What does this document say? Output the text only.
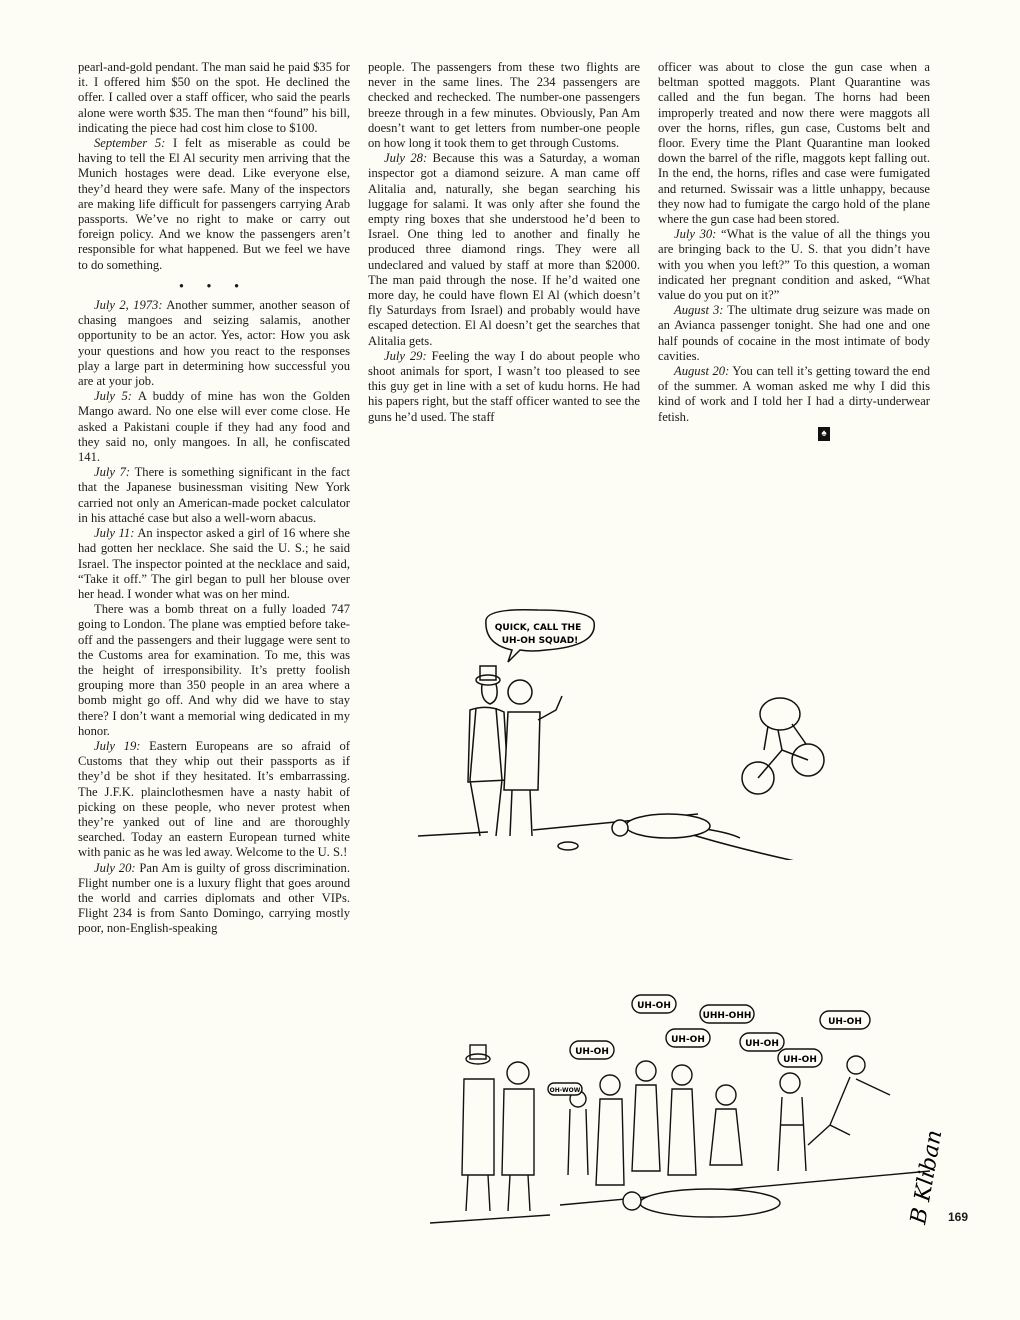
pearl-and-gold pendant. The man said he paid $35 for it. I offered him $50 on the spot. He declined the offer. I called over a staff officer, who said the pearls alone were worth $35. The man then “found” his bill, indicating the piece had cost him close to $100.

September 5: I felt as miserable as could be having to tell the El Al security men arriving that the Munich hostages were dead. Like everyone else, they’d heard they were safe. Many of the inspectors are making life difficult for passengers carrying Arab passports. We’ve no right to make or carry out foreign policy. And we know the passengers aren’t responsible for what happened. But we feel we have to do something.

• • •

July 2, 1973: Another summer, another season of chasing mangoes and seizing salamis, another opportunity to be an actor. Yes, actor: How you ask your questions and how you react to the responses play a large part in determining how successful you are at your job.

July 5: A buddy of mine has won the Golden Mango award. No one else will ever come close. He asked a Pakistani couple if they had any food and they said no, only mangoes. In all, he confiscated 141.

July 7: There is something significant in the fact that the Japanese businessman visiting New York carried not only an American-made pocket calculator in his attaché case but also a well-worn abacus.

July 11: An inspector asked a girl of 16 where she had gotten her necklace. She said the U. S.; he said Israel. The inspector pointed at the necklace and said, “Take it off.” The girl began to pull her blouse over her head. I wonder what was on her mind.

There was a bomb threat on a fully loaded 747 going to London. The plane was emptied before take-off and the passengers and their luggage were sent to the Customs area for examination. To me, this was the height of irresponsibility. It’s pretty foolish grouping more than 350 people in an area where a bomb might go off. And why did we have to stay there? I don’t want a memorial wing dedicated in my honor.

July 19: Eastern Europeans are so afraid of Customs that they whip out their passports as if they’d be shot if they hesitated. It’s embarrassing. The J.F.K. plainclothesmen have a nasty habit of picking on these people, who never protest when they’re yanked out of line and are thoroughly searched. Today an eastern European turned white with panic as he was led away. Welcome to the U. S.!

July 20: Pan Am is guilty of gross discrimination. Flight number one is a luxury flight that goes around the world and carries diplomats and other VIPs. Flight 234 is from Santo Domingo, carrying mostly poor, non-English-speaking

people. The passengers from these two flights are never in the same lines. The 234 passengers are checked and rechecked. The number-one passengers breeze through in a few minutes. Obviously, Pan Am doesn’t want to get letters from number-one people on how long it took them to get through Customs.

July 28: Because this was a Saturday, a woman inspector got a diamond seizure. A man came off Alitalia and, naturally, she began searching his luggage for salami. It was only after she found the empty ring boxes that she understood he’d been to Israel. One thing led to another and finally he produced three diamond rings. They were all undeclared and valued by staff at more than $2000. The man paid through the nose. If he’d waited one more day, he could have flown El Al (which doesn’t fly Saturdays from Israel) and probably would have escaped detection. El Al doesn’t get the searches that Alitalia gets.

July 29: Feeling the way I do about people who shoot animals for sport, I wasn’t too pleased to see this guy get in line with a set of kudu horns. He had his papers right, but the staff officer wanted to see the guns he’d used. The staff

officer was about to close the gun case when a beltman spotted maggots. Plant Quarantine was called and the fun began. The horns had been improperly treated and now there were maggots all over the horns, rifles, gun case, Customs belt and floor. Every time the Plant Quarantine man looked down the barrel of the rifle, maggots kept falling out. In the end, the horns, rifles and case were fumigated and returned. Swissair was a little unhappy, because they now had to fumigate the cargo hold of the plane where the gun case had been stored.

July 30: “What is the value of all the things you are bringing back to the U. S. that you didn’t have with you when you left?” To this question, a woman indicated her pregnant condition and asked, “What value do you put on it?”

August 3: The ultimate drug seizure was made on an Avianca passenger tonight. She had one and one half pounds of cocaine in the most intimate of body cavities.

August 20: You can tell it’s getting toward the end of the summer. A woman asked me why I did this kind of work and I told her I had a dirty-underwear fetish.

♠
QUICK, CALL THE
UH-OH SQUAD!
UH-OH
UHH-OHH
UH-OH
UH-OH
UH-OH
UH-OH
UH-OH
OH-WOW
B Kliban 169
